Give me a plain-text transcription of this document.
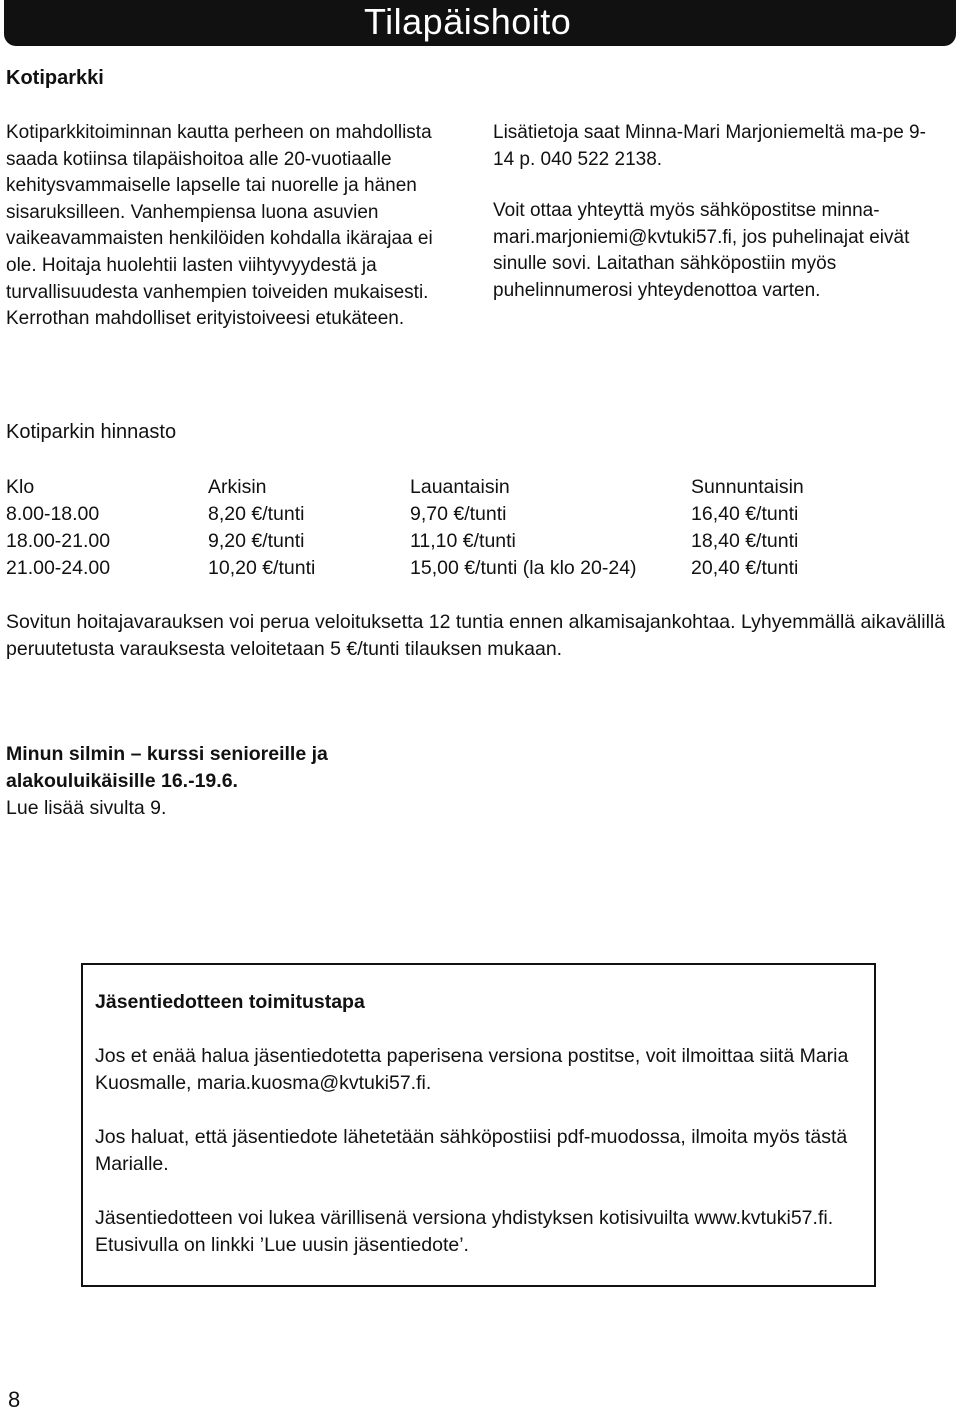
Tilapäishoito
Kotiparkki

Kotiparkkitoiminnan kautta perheen on mahdollista saada kotiinsa tilapäishoitoa alle 20-vuotiaalle kehitysvammaiselle lapselle tai nuorelle ja hänen sisaruksilleen. Vanhempiensa luona asuvien vaikeavammaisten henkilöiden kohdalla ikärajaa ei ole. Hoitaja huolehtii lasten viihtyvyydestä ja turvallisuudesta vanhempien toiveiden mukaisesti. Kerrothan mahdolliset erityistoiveesi etukäteen.

Lisätietoja saat Minna-Mari Marjoniemeltä ma-pe 9-14 p. 040 522 2138.

Voit ottaa yhteyttä myös sähköpostitse minna-mari.marjoniemi@kvtuki57.fi, jos puhelinajat eivät sinulle sovi. Laitathan sähköpostiin myös puhelinnumerosi yhteydenottoa varten.

Kotiparkin hinnasto
Klo	Arkisin	Lauantaisin	Sunnuntaisin
8.00-18.00	8,20 €/tunti	9,70 €/tunti	16,40 €/tunti
18.00-21.00	9,20 €/tunti	11,10 €/tunti	18,40 €/tunti
21.00-24.00	10,20 €/tunti	15,00 €/tunti (la klo 20-24)	20,40 €/tunti
Sovitun hoitajavarauksen voi perua veloituksetta 12 tuntia ennen alkamisajankohtaa. Lyhyemmällä aikavälillä peruutetusta varauksesta veloitetaan 5 €/tunti tilauksen mukaan.
Minun silmin – kurssi senioreille ja
alakouluikäisille 16.-19.6.
Lue lisää sivulta 9.

Jäsentiedotteen toimitustapa

Jos et enää halua jäsentiedotetta paperisena versiona postitse, voit ilmoittaa siitä Maria Kuosmalle, maria.kuosma@kvtuki57.fi.

Jos haluat, että jäsentiedote lähetetään sähköpostiisi pdf-muodossa, ilmoita myös tästä Marialle.

Jäsentiedotteen voi lukea värillisenä versiona yhdistyksen kotisivuilta www.kvtuki57.fi. Etusivulla on linkki ’Lue uusin jäsentiedote’.

8
